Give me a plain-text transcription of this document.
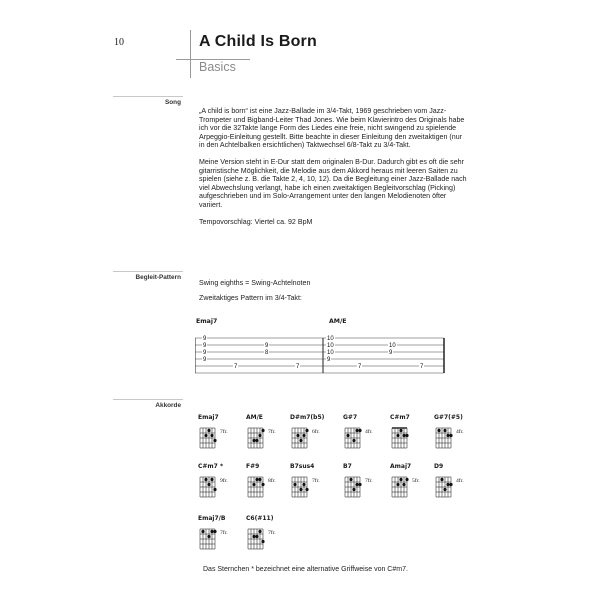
10	A Child Is Born
Basics
Song

„A child is born“ ist eine Jazz-Ballade im 3/4-Takt, 1969 geschrieben vom Jazz-Trompeter und Bigband-Leiter Thad Jones. Wie beim Klavierintro des Originals habe ich vor die 32Takte lange Form des Liedes eine freie, nicht swingend zu spielende Arpeggio-Einleitung gestellt. Bitte beachte in dieser Einleitung den zweitaktigen (nur in den Achtelbalken ersichtlichen) Taktwechsel 6/8-Takt zu 3/4-Takt.

Meine Version steht in E-Dur statt dem originalen B-Dur. Dadurch gibt es oft die sehr gitarristische Möglichkeit, die Melodie aus dem Akkord heraus mit leeren Saiten zu spielen (siehe z. B. die Takte 2, 4, 10, 12). Da die Begleitung einer Jazz-Ballade nach viel Abwechslung verlangt, habe ich einen zweitaktigen Begleitvorschlag (Picking) aufgeschrieben und im Solo-Arrangement unter den langen Melodienoten öfter variiert.

Tempovorschlag: Viertel ca. 92 BpM

Begleit-Pattern
Swing eighths = Swing-Achtelnoten
Zweitaktiges Pattern im 3/4-Takt:
9
9
9
9
7
9
8
7
10
10
10
9
7
10
9
7
Emaj7	AM/E
Akkorde
Emaj7
7fr.
AM/E
7fr.
D#m7(b5)
6fr.
G#7
4fr.
C#m7	G#7(#5)
4fr.
C#m7 *
9fr.
F#9
8fr.
B7sus4
7fr.
B7
7fr.
Amaj7
5fr.
D9
4fr.
Emaj7/B
7fr.
C6(#11)
7fr.
Das Sternchen * bezeichnet eine alternative Griffweise von C#m7.
